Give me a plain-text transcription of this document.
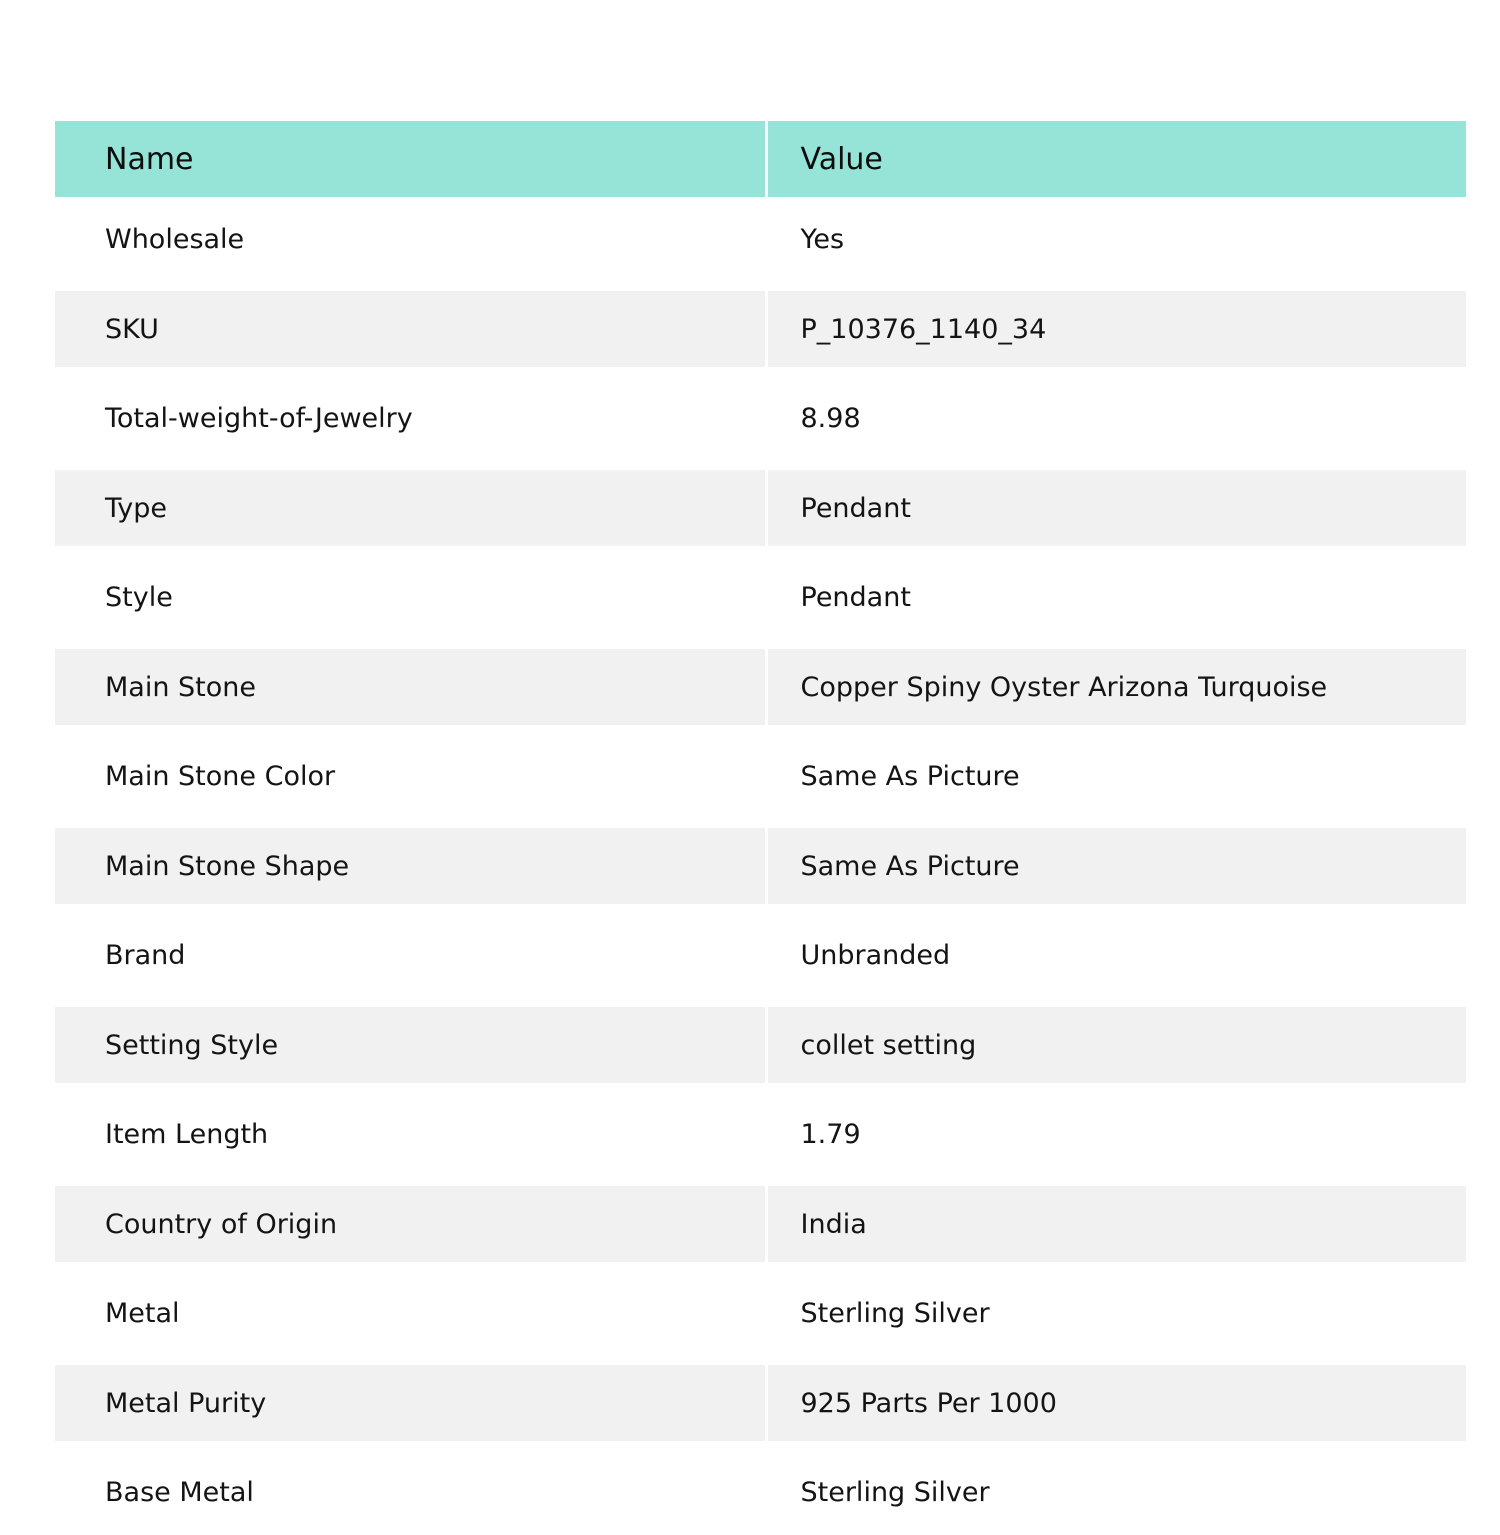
Name	Value
Wholesale	Yes
SKU	P_10376_1140_34
Total-weight-of-Jewelry	8.98
Type	Pendant
Style	Pendant
Main Stone	Copper Spiny Oyster Arizona Turquoise
Main Stone Color	Same As Picture
Main Stone Shape	Same As Picture
Brand	Unbranded
Setting Style	collet setting
Item Length	1.79
Country of Origin	India
Metal	Sterling Silver
Metal Purity	925 Parts Per 1000
Base Metal	Sterling Silver
